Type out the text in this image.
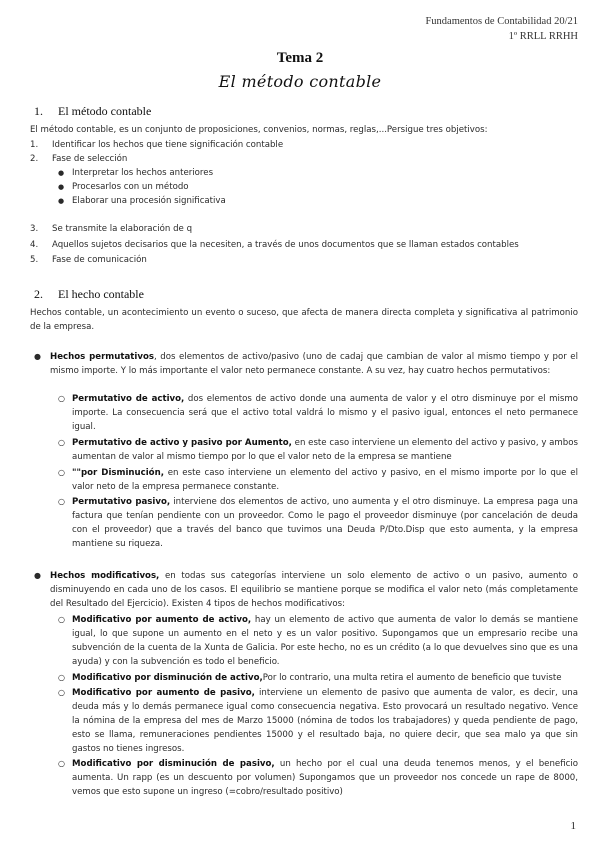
Fundamentos de Contabilidad 20/21
1º RRLL RRHH
Tema 2
El método contable
1. El método contable
El método contable, es un conjunto de proposiciones, convenios, normas, reglas,...Persigue tres objetivos:
1. Identificar los hechos que tiene significación contable
2. Fase de selección
● Interpretar los hechos anteriores
● Procesarlos con un método
● Elaborar una procesión significativa
3. Se transmite la elaboración de q
4. Aquellos sujetos decisarios que la necesiten, a través de unos documentos que se llaman estados contables
5. Fase de comunicación
2. El hecho contable
Hechos contable, un acontecimiento un evento o suceso, que afecta de manera directa completa y significativa al patrimonio de la empresa.
● Hechos permutativos, dos elementos de activo/pasivo (uno de cadaj que cambian de valor al mismo tiempo y por el mismo importe. Y lo más importante el valor neto permanece constante. A su vez, hay cuatro hechos permutativos:
○ Permutativo de activo, dos elementos de activo donde una aumenta de valor y el otro disminuye por el mismo importe. La consecuencia será que el activo total valdrá lo mismo y el pasivo igual, entonces el neto permanece igual.
○ Permutativo de activo y pasivo por Aumento, en este caso interviene un elemento del activo y pasivo, y ambos aumentan de valor al mismo tiempo por lo que el valor neto de la empresa se mantiene
○ ""por Disminución, en este caso interviene un elemento del activo y pasivo, en el mismo importe por lo que el valor neto de la empresa permanece constante.
○ Permutativo pasivo, interviene dos elementos de activo, uno aumenta y el otro disminuye. La empresa paga una factura que tenían pendiente con un proveedor. Como le pago el proveedor disminuye (por cancelación de deuda con el proveedor) que a través del banco que tuvimos una Deuda P/Dto.Disp que esto aumenta, y la empresa mantiene su riqueza.
● Hechos modificativos, en todas sus categorías interviene un solo elemento de activo o un pasivo, aumento o disminuyendo en cada uno de los casos. El equilibrio se mantiene porque se modifica el valor neto (más completamente del Resultado del Ejercicio). Existen 4 tipos de hechos modificativos:
○ Modificativo por aumento de activo, hay un elemento de activo que aumenta de valor lo demás se mantiene igual, lo que supone un aumento en el neto y es un valor positivo. Supongamos que un empresario recibe una subvención de la cuenta de la Xunta de Galicia. Por este hecho, no es un crédito (a lo que devuelves sino que es una ayuda) y con la subvención es todo el beneficio.
○ Modificativo por disminución de activo,Por lo contrario, una multa retira el aumento de beneficio que tuviste
○ Modificativo por aumento de pasivo, interviene un elemento de pasivo que aumenta de valor, es decir, una deuda más y lo demás permanece igual como consecuencia negativa. Esto provocará un resultado negativo. Vence la nómina de la empresa del mes de Marzo 15000 (nómina de todos los trabajadores) y queda pendiente de pago, esto se llama, remuneraciones pendientes 15000 y el resultado baja, no quiere decir, que sea malo ya que sin gastos no tienes ingresos.
○ Modificativo por disminución de pasivo, un hecho por el cual una deuda tenemos menos, y el beneficio aumenta. Un rapp (es un descuento por volumen) Supongamos que un proveedor nos concede un rape de 8000, vemos que esto supone un ingreso (=cobro/resultado positivo)
1
